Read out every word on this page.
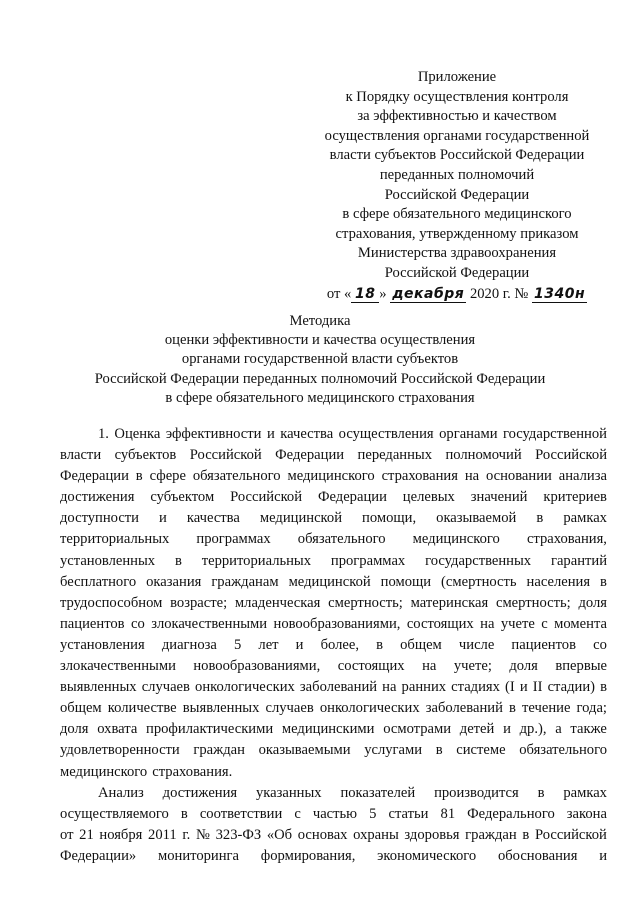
Приложение
к Порядку осуществления контроля
за эффективностью и качеством
осуществления органами государственной
власти субъектов Российской Федерации
переданных полномочий
Российской Федерации
в сфере обязательного медицинского
страхования, утвержденному приказом
Министерства здравоохранения
Российской Федерации
от « 18 » декабря 2020 г. № 1340н
Методика
оценки эффективности и качества осуществления
органами государственной власти субъектов
Российской Федерации переданных полномочий Российской Федерации
в сфере обязательного медицинского страхования
1. Оценка эффективности и качества осуществления органами государственной
власти субъектов Российской Федерации переданных полномочий Российской
Федерации в сфере обязательного медицинского страхования на основании анализа
достижения субъектом Российской Федерации целевых значений критериев
доступности и качества медицинской помощи, оказываемой в рамках
территориальных программах обязательного медицинского страхования,
установленных в территориальных программах государственных гарантий
бесплатного оказания гражданам медицинской помощи (смертность населения в
трудоспособном возрасте; младенческая смертность; материнская смертность; доля
пациентов со злокачественными новообразованиями, состоящих на учете с момента
установления диагноза 5 лет и более, в общем числе пациентов со
злокачественными новообразованиями, состоящих на учете; доля впервые
выявленных случаев онкологических заболеваний на ранних стадиях (I и II стадии) в
общем количестве выявленных случаев онкологических заболеваний в течение года;
доля охвата профилактическими медицинскими осмотрами детей и др.), а также
удовлетворенности граждан оказываемыми услугами в системе обязательного
медицинского страхования.
Анализ достижения указанных показателей производится в рамках
осуществляемого в соответствии с частью 5 статьи 81 Федерального закона
от 21 ноября 2011 г. № 323-ФЗ «Об основах охраны здоровья граждан в Российской
Федерации» мониторинга формирования, экономического обоснования и
